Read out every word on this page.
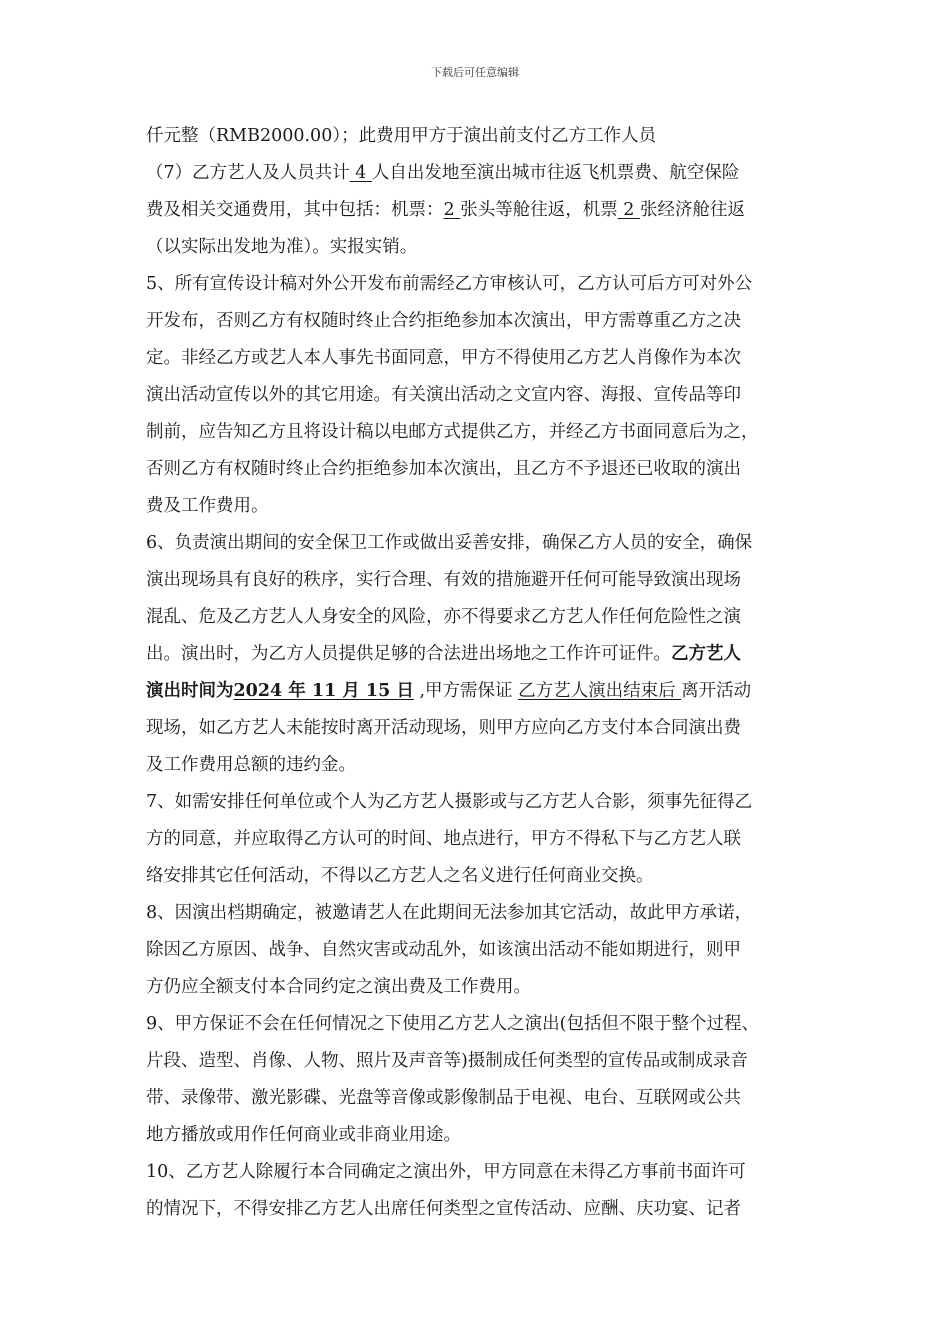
下载后可任意编辑
仟元整（RMB2000.00）；此费用甲方于演出前支付乙方工作人员
（7）乙方艺人及人员共计 4 人自出发地至演出城市往返飞机票费、航空保险
费及相关交通费用，其中包括：机票：2 张头等舱往返，机票 2 张经济舱往返
（以实际出发地为准）。实报实销。
5、所有宣传设计稿对外公开发布前需经乙方审核认可，乙方认可后方可对外公
开发布，否则乙方有权随时终止合约拒绝参加本次演出，甲方需尊重乙方之决
定。非经乙方或艺人本人事先书面同意，甲方不得使用乙方艺人肖像作为本次
演出活动宣传以外的其它用途。有关演出活动之文宣内容、海报、宣传品等印
制前，应告知乙方且将设计稿以电邮方式提供乙方，并经乙方书面同意后为之，
否则乙方有权随时终止合约拒绝参加本次演出，且乙方不予退还已收取的演出
费及工作费用。
6、负责演出期间的安全保卫工作或做出妥善安排，确保乙方人员的安全，确保
演出现场具有良好的秩序，实行合理、有效的措施避开任何可能导致演出现场
混乱、危及乙方艺人人身安全的风险，亦不得要求乙方艺人作任何危险性之演
出。演出时，为乙方人员提供足够的合法进出场地之工作许可证件。乙方艺人
演出时间为2024 年 11 月 15 日 ,甲方需保证 乙方艺人演出结束后 离开活动
现场，如乙方艺人未能按时离开活动现场，则甲方应向乙方支付本合同演出费
及工作费用总额的违约金。
7、如需安排任何单位或个人为乙方艺人摄影或与乙方艺人合影，须事先征得乙
方的同意，并应取得乙方认可的时间、地点进行，甲方不得私下与乙方艺人联
络安排其它任何活动，不得以乙方艺人之名义进行任何商业交换。
8、因演出档期确定，被邀请艺人在此期间无法参加其它活动，故此甲方承诺，
除因乙方原因、战争、自然灾害或动乱外，如该演出活动不能如期进行，则甲
方仍应全额支付本合同约定之演出费及工作费用。
9、甲方保证不会在任何情况之下使用乙方艺人之演出(包括但不限于整个过程、
片段、造型、肖像、人物、照片及声音等)摄制成任何类型的宣传品或制成录音
带、录像带、激光影碟、光盘等音像或影像制品于电视、电台、互联网或公共
地方播放或用作任何商业或非商业用途。
10、乙方艺人除履行本合同确定之演出外，甲方同意在未得乙方事前书面许可
的情况下，不得安排乙方艺人出席任何类型之宣传活动、应酬、庆功宴、记者
